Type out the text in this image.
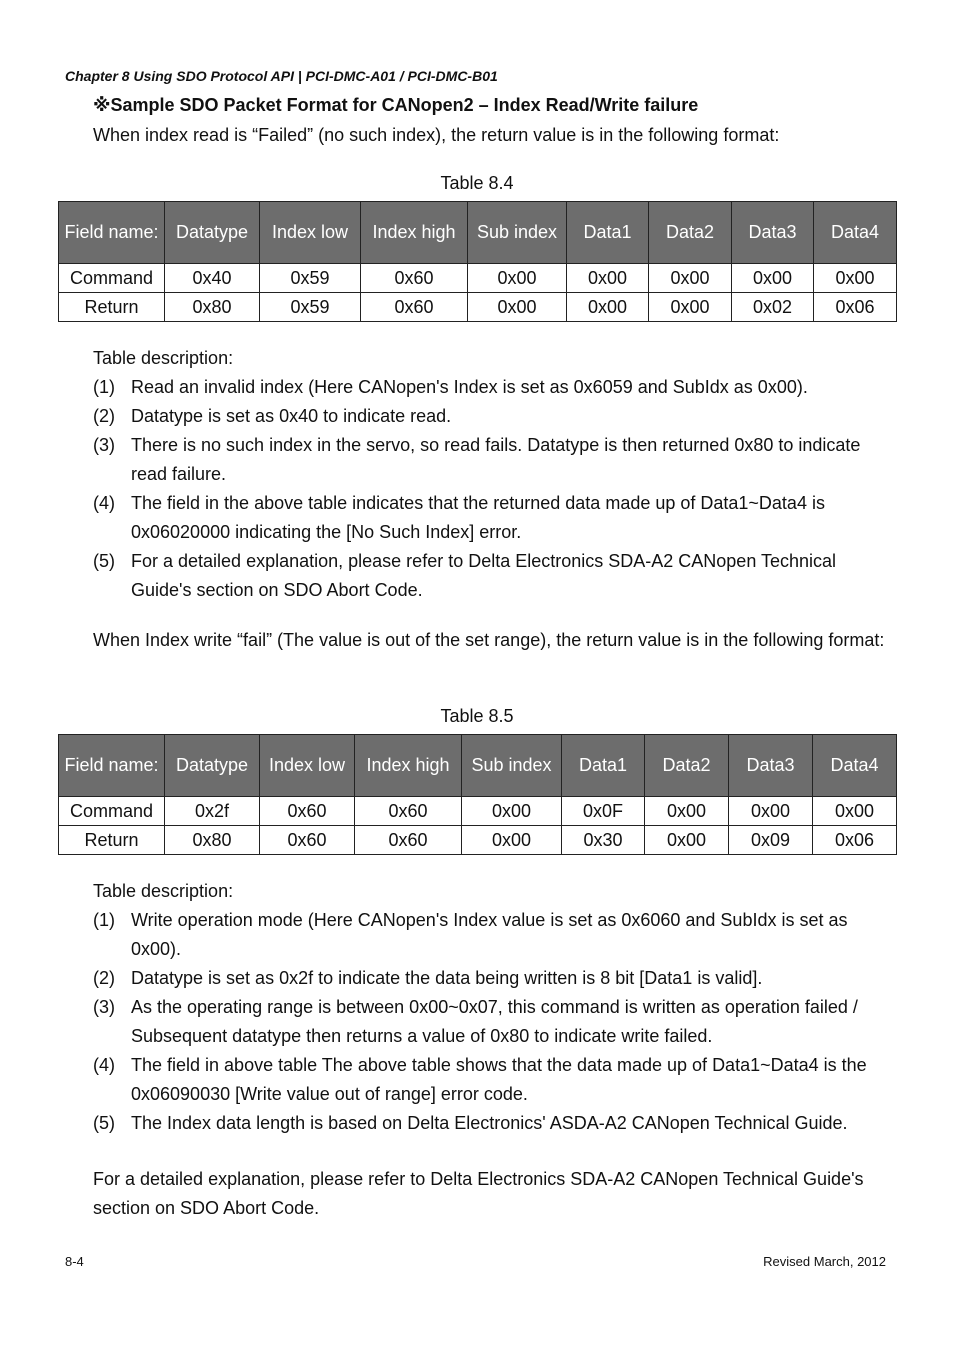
Chapter 8 Using SDO Protocol API | PCI-DMC-A01 / PCI-DMC-B01
※Sample SDO Packet Format for CANopen2 – Index Read/Write failure
When index read is “Failed” (no such index), the return value is in the following format:
Table 8.4
Field name:	Datatype	Index low	Index high	Sub index	Data1	Data2	Data3	Data4
Command	0x40	0x59	0x60	0x00	0x00	0x00	0x00	0x00
Return	0x80	0x59	0x60	0x00	0x00	0x00	0x02	0x06
Table description:
(1) Read an invalid index (Here CANopen's Index is set as 0x6059 and SubIdx as 0x00).
(2) Datatype is set as 0x40 to indicate read.
(3) There is no such index in the servo, so read fails. Datatype is then returned 0x80 to indicate read failure.
(4) The field in the above table indicates that the returned data made up of Data1~Data4 is 0x06020000 indicating the [No Such Index] error.
(5) For a detailed explanation, please refer to Delta Electronics SDA-A2 CANopen Technical Guide's section on SDO Abort Code.
When Index write “fail” (The value is out of the set range), the return value is in the following format:
Table 8.5
Field name:	Datatype	Index low	Index high	Sub index	Data1	Data2	Data3	Data4
Command	0x2f	0x60	0x60	0x00	0x0F	0x00	0x00	0x00
Return	0x80	0x60	0x60	0x00	0x30	0x00	0x09	0x06
Table description:
(1) Write operation mode (Here CANopen's Index value is set as 0x6060 and SubIdx is set as 0x00).
(2) Datatype is set as 0x2f to indicate the data being written is 8 bit [Data1 is valid].
(3) As the operating range is between 0x00~0x07, this command is written as operation failed / Subsequent datatype then returns a value of 0x80 to indicate write failed.
(4) The field in above table The above table shows that the data made up of Data1~Data4 is the 0x06090030 [Write value out of range] error code.
(5) The Index data length is based on Delta Electronics' ASDA-A2 CANopen Technical Guide.
For a detailed explanation, please refer to Delta Electronics SDA-A2 CANopen Technical Guide's section on SDO Abort Code.
8-4	Revised March, 2012
